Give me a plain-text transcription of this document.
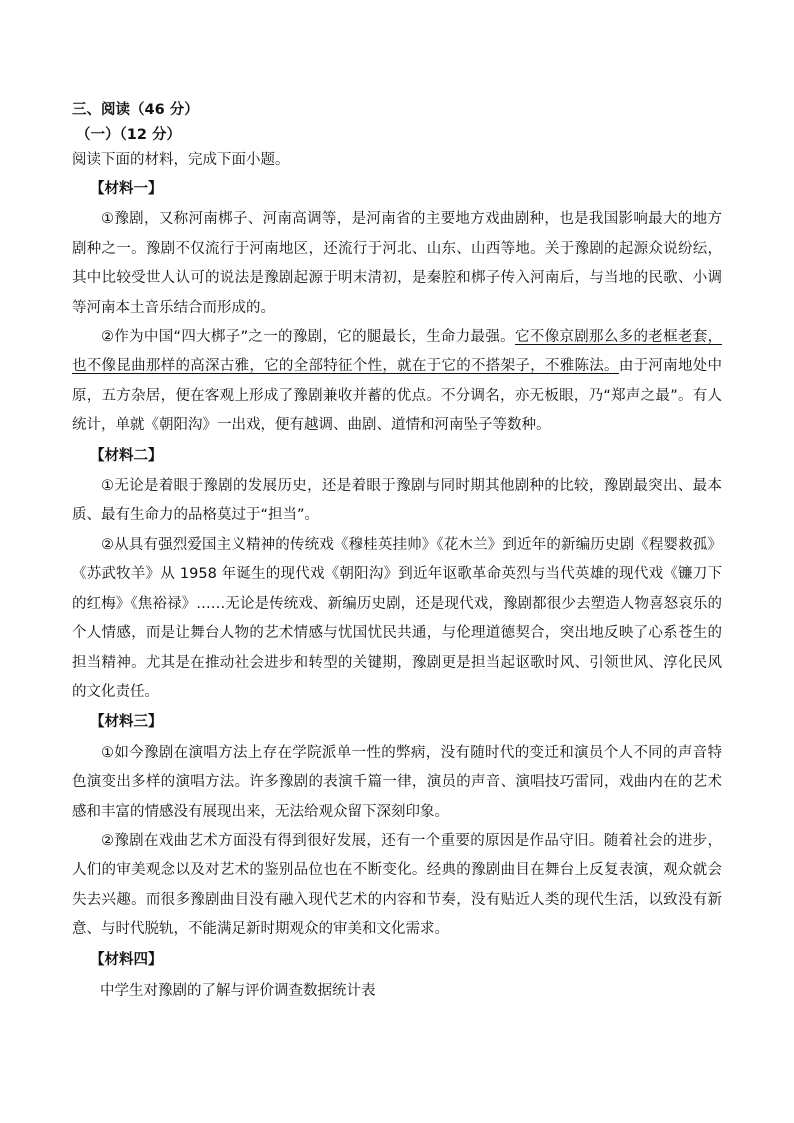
三、阅读（46 分）
（一）（12 分）
阅读下面的材料，完成下面小题。
【材料一】

①豫剧，又称河南梆子、河南高调等，是河南省的主要地方戏曲剧种，也是我国影响最大的地方剧种之一。豫剧不仅流行于河南地区，还流行于河北、山东、山西等地。关于豫剧的起源众说纷纭，其中比较受世人认可的说法是豫剧起源于明末清初，是秦腔和梆子传入河南后，与当地的民歌、小调等河南本土音乐结合而形成的。

②作为中国“四大梆子”之一的豫剧，它的腿最长，生命力最强。它不像京剧那么多的老框老套，也不像昆曲那样的高深古雅，它的全部特征个性，就在于它的不搭架子，不雅陈法。由于河南地处中原，五方杂居，便在客观上形成了豫剧兼收并蓄的优点。不分调名，亦无板眼，乃“郑声之最”。有人统计，单就《朝阳沟》一出戏，便有越调、曲剧、道情和河南坠子等数种。

【材料二】

①无论是着眼于豫剧的发展历史，还是着眼于豫剧与同时期其他剧种的比较，豫剧最突出、最本质、最有生命力的品格莫过于“担当”。

②从具有强烈爱国主义精神的传统戏《穆桂英挂帅》《花木兰》到近年的新编历史剧《程婴救孤》《苏武牧羊》从 1958 年诞生的现代戏《朝阳沟》到近年讴歌革命英烈与当代英雄的现代戏《镰刀下的红梅》《焦裕禄》……无论是传统戏、新编历史剧，还是现代戏，豫剧都很少去塑造人物喜怒哀乐的个人情感，而是让舞台人物的艺术情感与忧国忧民共通，与伦理道德契合，突出地反映了心系苍生的担当精神。尤其是在推动社会进步和转型的关键期，豫剧更是担当起讴歌时风、引领世风、淳化民风的文化责任。

【材料三】

①如今豫剧在演唱方法上存在学院派单一性的弊病，没有随时代的变迁和演员个人不同的声音特色演变出多样的演唱方法。许多豫剧的表演千篇一律，演员的声音、演唱技巧雷同，戏曲内在的艺术感和丰富的情感没有展现出来，无法给观众留下深刻印象。

②豫剧在戏曲艺术方面没有得到很好发展，还有一个重要的原因是作品守旧。随着社会的进步，人们的审美观念以及对艺术的鉴别品位也在不断变化。经典的豫剧曲目在舞台上反复表演，观众就会失去兴趣。而很多豫剧曲目没有融入现代艺术的内容和节奏，没有贴近人类的现代生活，以致没有新意、与时代脱轨，不能满足新时期观众的审美和文化需求。

【材料四】
中学生对豫剧的了解与评价调查数据统计表
